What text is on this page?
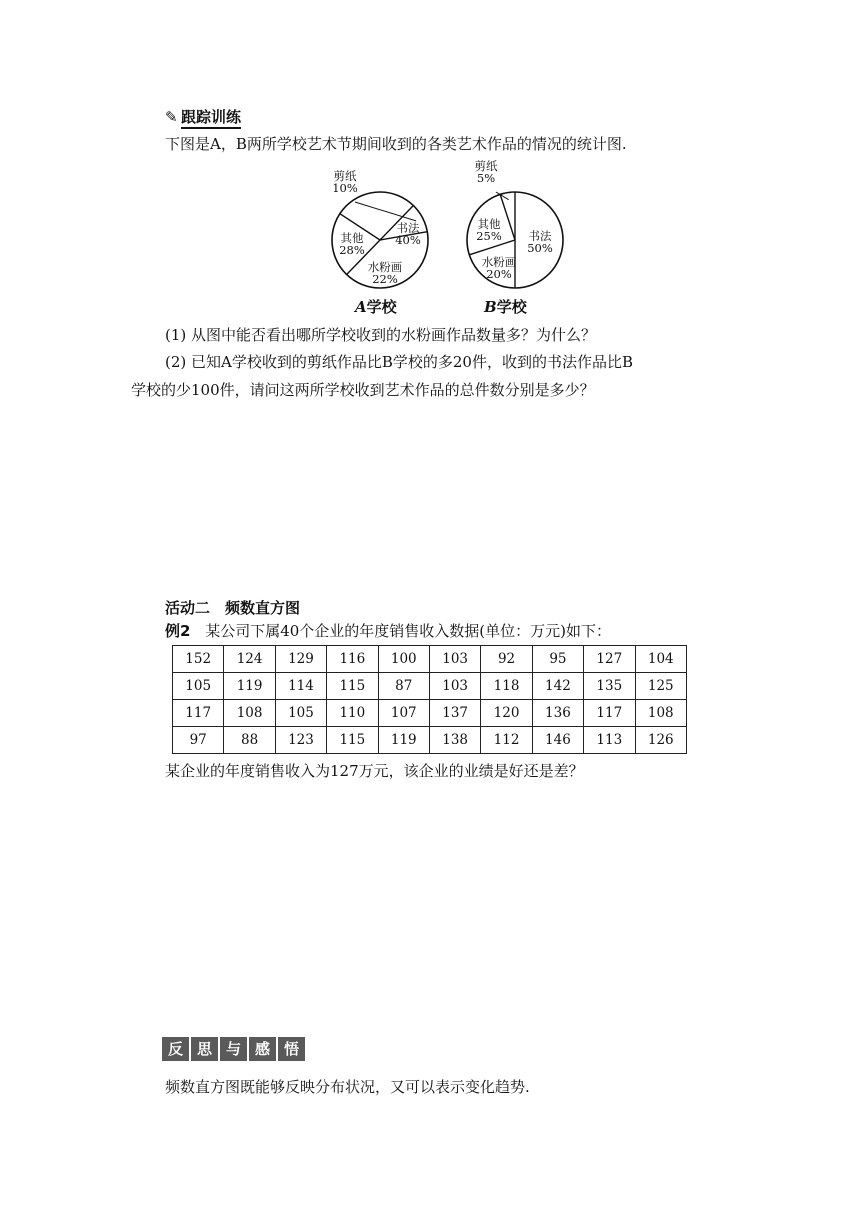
✎ 跟踪训练
下图是A，B两所学校艺术节期间收到的各类艺术作品的情况的统计图.
书法
40%
水粉画
22%
其他
28%
剪纸
10%
书法
50%
水粉画
20%
其他
25%
剪纸
5%
A学校	B学校
(1) 从图中能否看出哪所学校收到的水粉画作品数量多？为什么？
(2) 已知A学校收到的剪纸作品比B学校的多20件，收到的书法作品比B
学校的少100件，请问这两所学校收到艺术作品的总件数分别是多少？
活动二　频数直方图
例2 某公司下属40个企业的年度销售收入数据(单位：万元)如下：
152	124	129	116	100	103	92	95	127	104
105	119	114	115	87	103	118	142	135	125
117	108	105	110	107	137	120	136	117	108
97	88	123	115	119	138	112	146	113	126
某企业的年度销售收入为127万元，该企业的业绩是好还是差？
反 思 与 感 悟
频数直方图既能够反映分布状况，又可以表示变化趋势.
